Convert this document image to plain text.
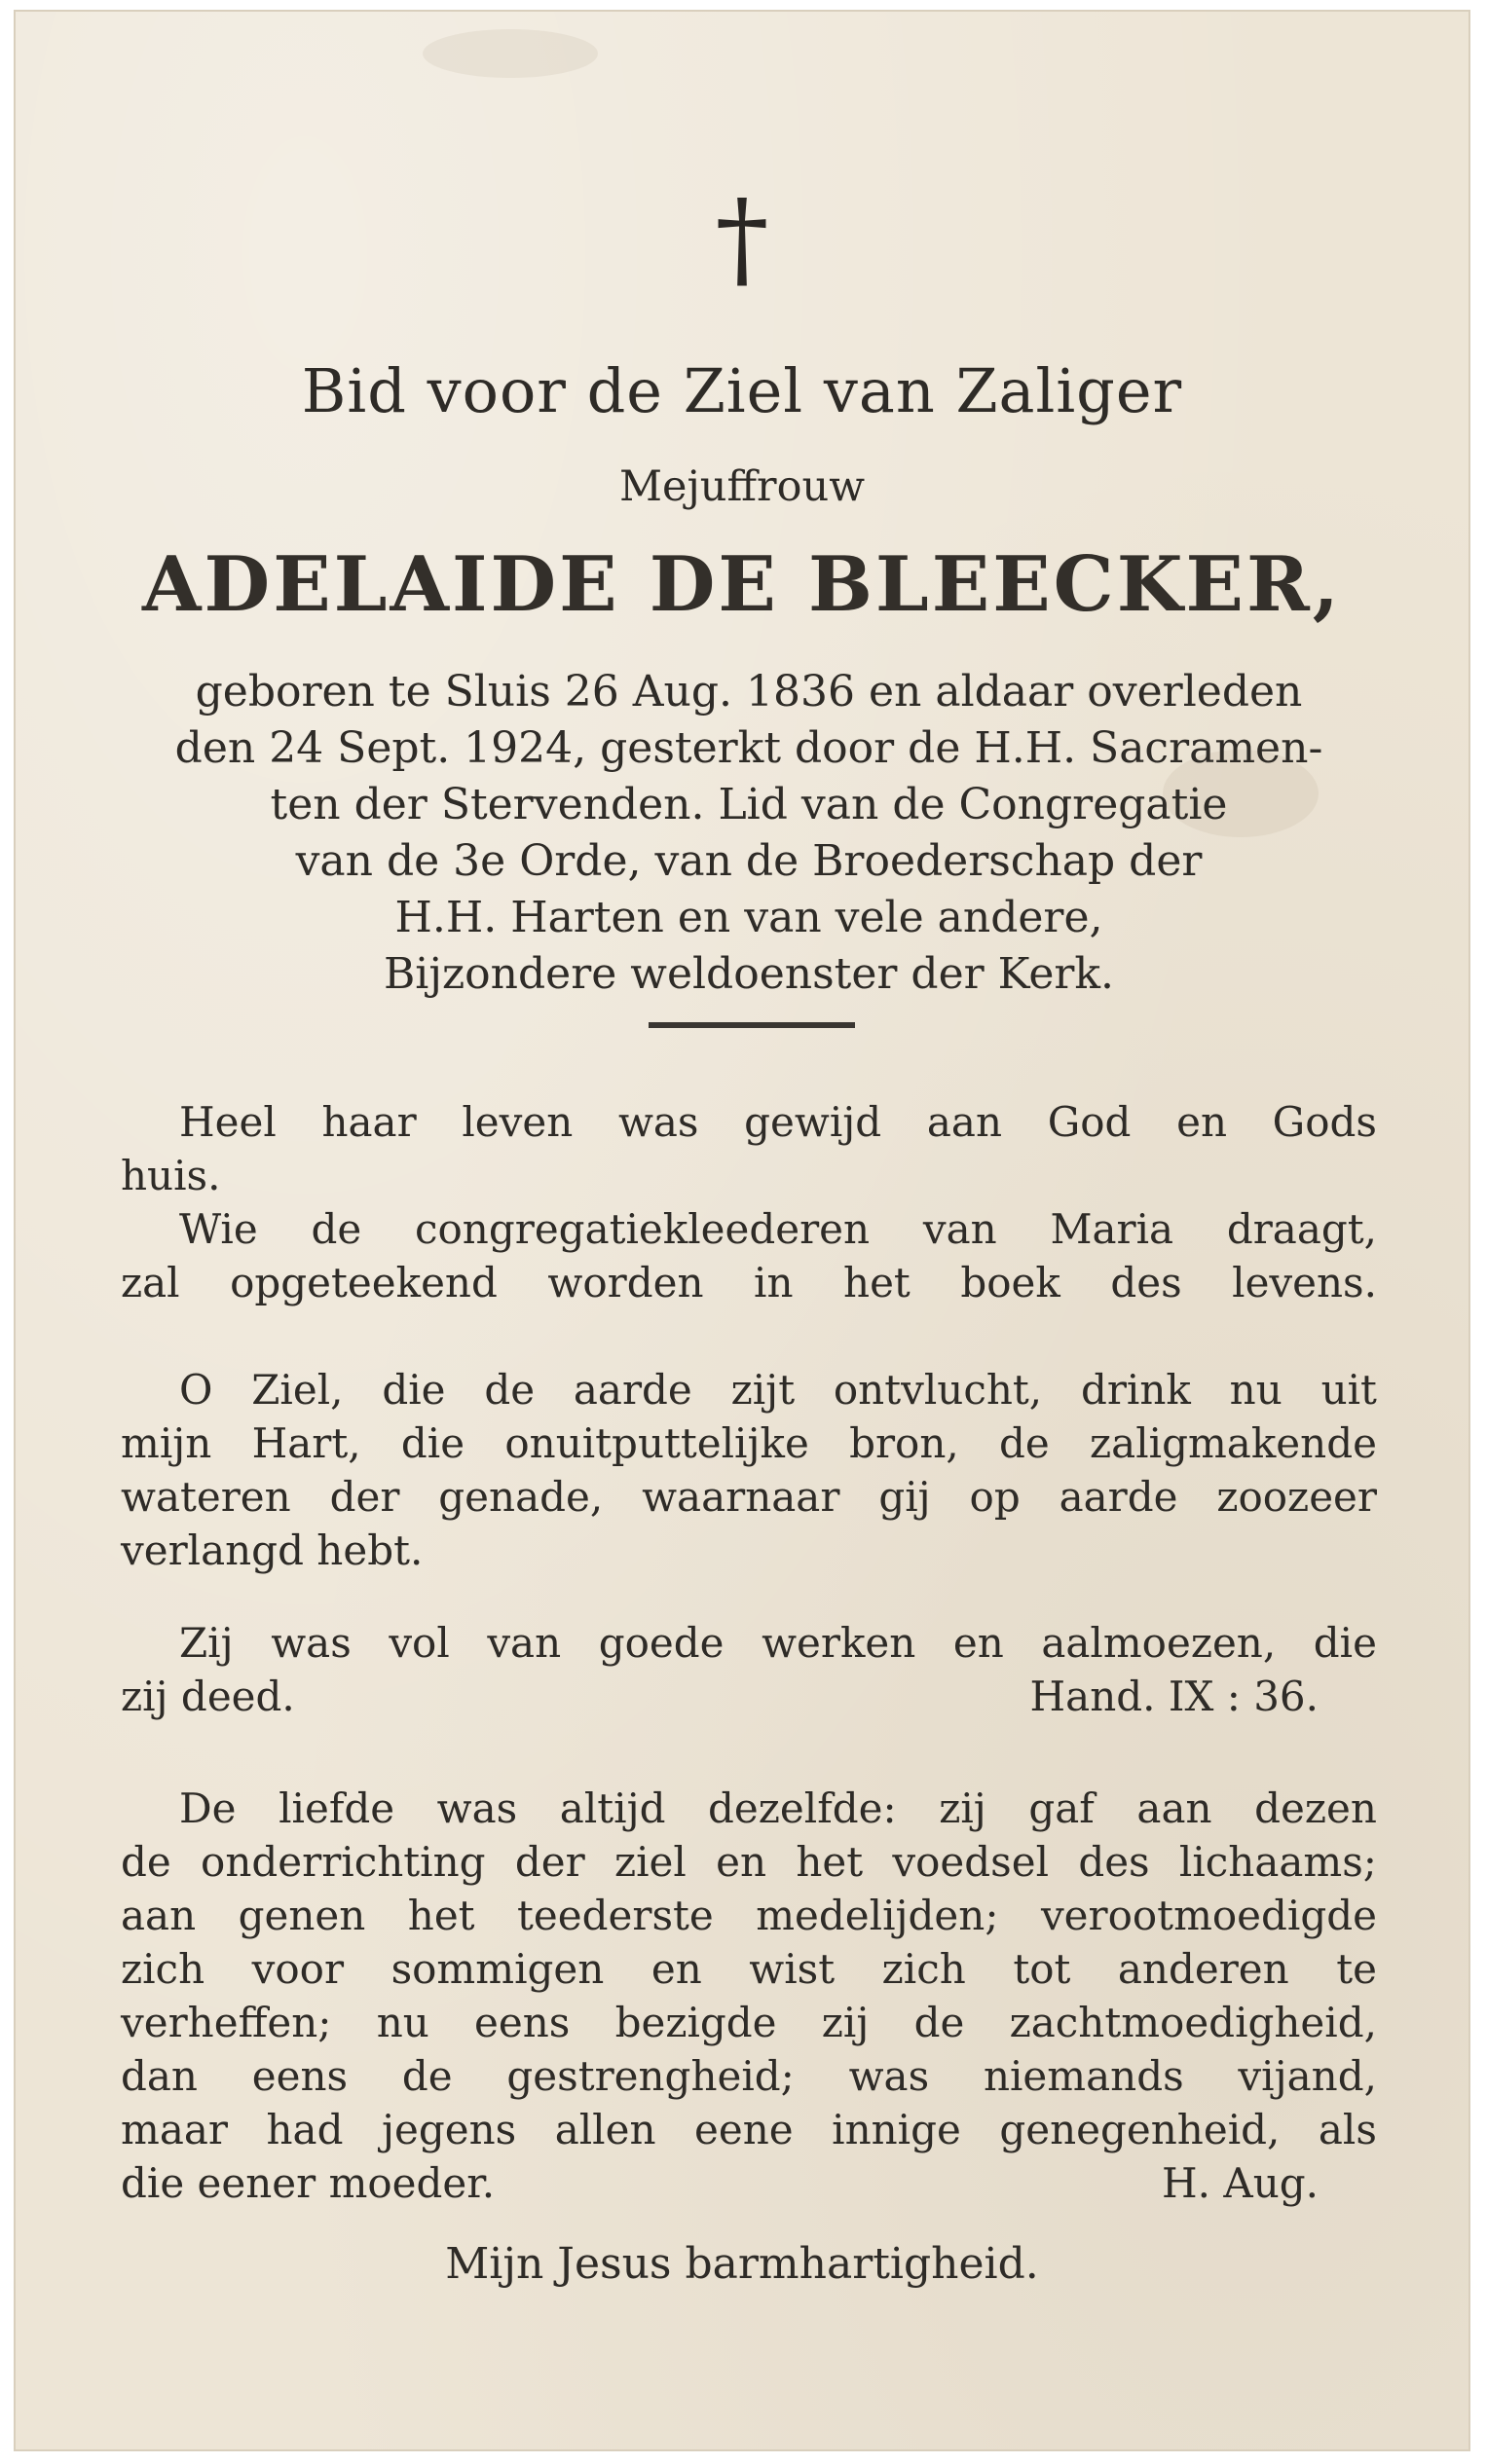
†
Bid voor de Ziel van Zaliger
Mejuffrouw
ADELAIDE DE BLEECKER,
geboren te Sluis 26 Aug. 1836 en aldaar overleden
den 24 Sept. 1924, gesterkt door de H.H. Sacramen-
ten der Stervenden. Lid van de Congregatie
van de 3e Orde, van de Broederschap der
H.H. Harten en van vele andere,
Bijzondere weldoenster der Kerk.
Heel haar leven was gewijd aan God en Gods
huis.
Wie de congregatiekleederen van Maria draagt,
zal opgeteekend worden in het boek des levens.
O Ziel, die de aarde zijt ontvlucht, drink nu uit
mijn Hart, die onuitputtelijke bron, de zaligmakende
wateren der genade, waarnaar gij op aarde zoozeer
verlangd hebt.
Zij was vol van goede werken en aalmoezen, die
zij deed.	Hand. IX : 36.
De liefde was altijd dezelfde: zij gaf aan dezen
de onderrichting der ziel en het voedsel des lichaams;
aan genen het teederste medelijden; verootmoedigde
zich voor sommigen en wist zich tot anderen te
verheffen; nu eens bezigde zij de zachtmoedigheid,
dan eens de gestrengheid; was niemands vijand,
maar had jegens allen eene innige genegenheid, als
die eener moeder.	H. Aug.
Mijn Jesus barmhartigheid.
